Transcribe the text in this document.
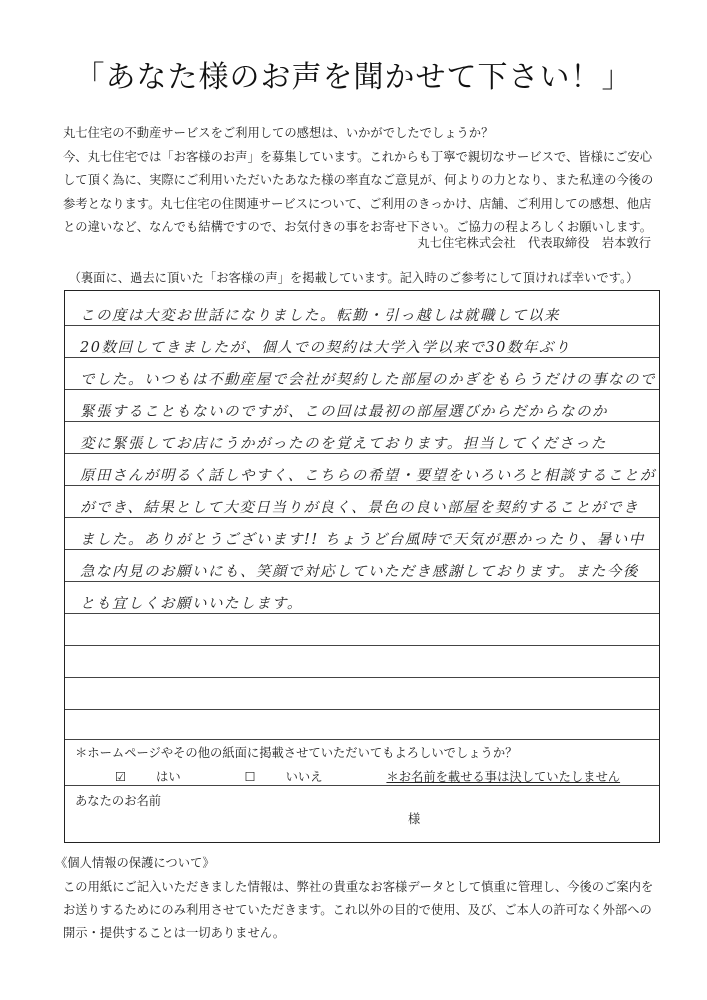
「あなた様のお声を聞かせて下さい！」

丸七住宅の不動産サービスをご利用しての感想は、いかがでしたでしょうか？

今、丸七住宅では「お客様のお声」を募集しています。これからも丁寧で親切なサービスで、皆様にご安心

して頂く為に、実際にご利用いただいたあなた様の率直なご意見が、何よりの力となり、また私達の今後の

参考となります。丸七住宅の住関連サービスについて、ご利用のきっかけ、店舗、ご利用しての感想、他店

との違いなど、なんでも結構ですので、お気付きの事をお寄せ下さい。ご協力の程よろしくお願いします。

丸七住宅株式会社　代表取締役　岩本敦行
（裏面に、過去に頂いた「お客様の声」を掲載しています。記入時のご参考にして頂ければ幸いです。）
この度は大変お世話になりました。転勤・引っ越しは就職して以来
20数回してきましたが、個人での契約は大学入学以来で30数年ぶり
でした。いつもは不動産屋で会社が契約した部屋のかぎをもらうだけの事なので
緊張することもないのですが、この回は最初の部屋選びからだからなのか
変に緊張してお店にうかがったのを覚えております。担当してくださった
原田さんが明るく話しやすく、こちらの希望・要望をいろいろと相談することが
ができ、結果として大変日当りが良く、景色の良い部屋を契約することができ
ました。ありがとうございます!! ちょうど台風時で天気が悪かったり、暑い中
急な内見のお願いにも、笑顔で対応していただき感謝しております。また今後
とも宜しくお願いいたします。
＊ホームページやその他の紙面に掲載させていただいてもよろしいでしょうか？
☑ はい	☐ いいえ	＊お名前を載せる事は決していたしません
あなたのお名前
様
《個人情報の保護について》

この用紙にご記入いただきました情報は、弊社の貴重なお客様データとして慎重に管理し、今後のご案内を

お送りするためにのみ利用させていただきます。これ以外の目的で使用、及び、ご本人の許可なく外部への

開示・提供することは一切ありません。
